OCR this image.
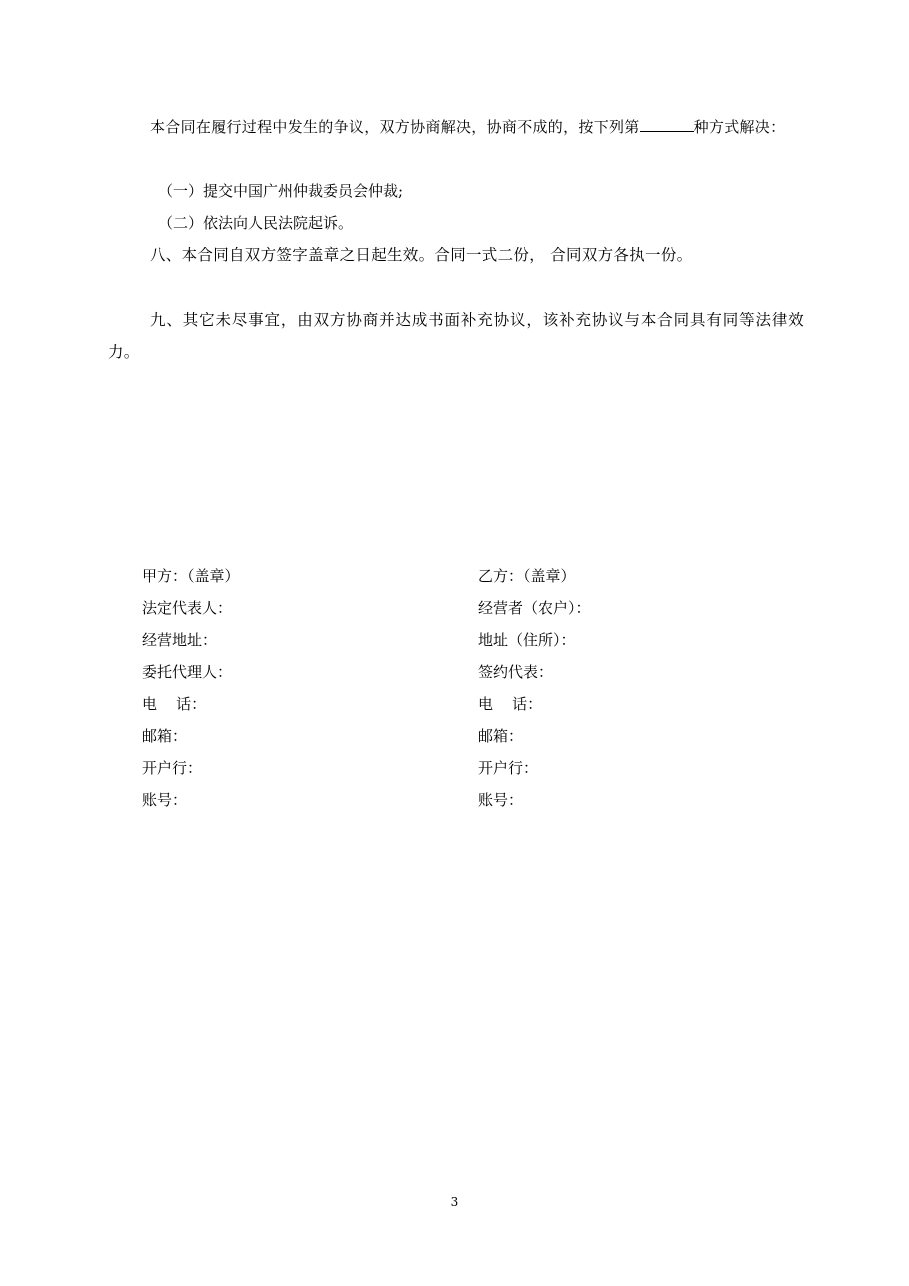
本合同在履行过程中发生的争议，双方协商解决，协商不成的，按下列第	种方式解决：
（一）提交中国广州仲裁委员会仲裁;
（二）依法向人民法院起诉。
八、本合同自双方签字盖章之日起生效。合同一式二份， 合同双方各执一份。
九、其它未尽事宜，由双方协商并达成书面补充协议，该补充协议与本合同具有同等法律效力。
甲方：（盖章）
法定代表人：
经营地址：
委托代理人：
电    话：
邮箱：
开户行：
账号：
乙方：（盖章）
经营者（农户）：
地址（住所）：
签约代表：
电    话：
邮箱：
开户行：
账号：
3
